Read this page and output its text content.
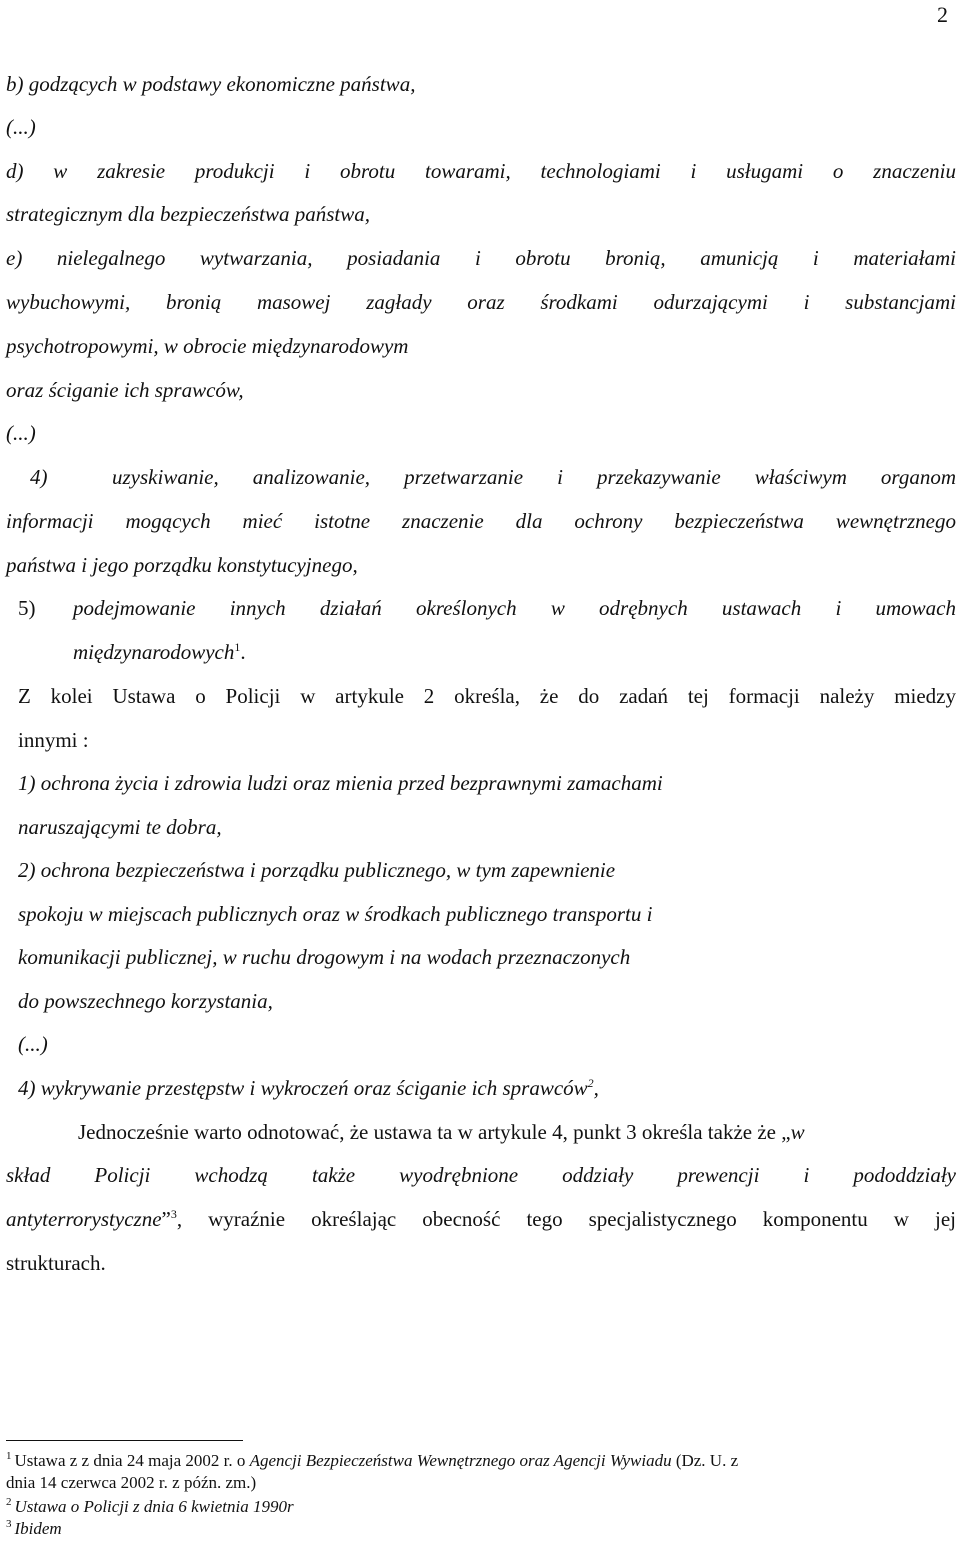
2
b) godzących w podstawy ekonomiczne państwa,
(...)
d) w zakresie produkcji i obrotu towarami, technologiami i usługami o znaczeniu
strategicznym dla bezpieczeństwa państwa,
e) nielegalnego wytwarzania, posiadania i obrotu bronią, amunicją i materiałami
wybuchowymi, bronią masowej zagłady oraz środkami odurzającymi i substancjami
psychotropowymi, w obrocie międzynarodowym
oraz ściganie ich sprawców,
(...)
4)	uzyskiwanie, analizowanie, przetwarzanie i przekazywanie właściwym organom
informacji mogących mieć istotne znaczenie dla ochrony bezpieczeństwa wewnętrznego
państwa i jego porządku konstytucyjnego,
5)	podejmowanie innych działań określonych w odrębnych ustawach i umowach
międzynarodowych$^1$.
Z kolei Ustawa o Policji w artykule 2 określa, że do zadań tej formacji należy miedzy
innymi :
1) ochrona życia i zdrowia ludzi oraz mienia przed bezprawnymi zamachami
naruszającymi te dobra,
2) ochrona bezpieczeństwa i porządku publicznego, w tym zapewnienie
spokoju w miejscach publicznych oraz w środkach publicznego transportu i
komunikacji publicznej, w ruchu drogowym i na wodach przeznaczonych
do powszechnego korzystania,
(...)
4) wykrywanie przestępstw i wykroczeń oraz ściganie ich sprawców$^2$,
Jednocześnie warto odnotować, że ustawa ta w artykule 4, punkt 3 określa także że „w
skład Policji wchodzą także wyodrębnione oddziały prewencji i pododdziały
antyterrorystyczne”$^3$, wyraźnie określając obecność tego specjalistycznego komponentu w jej
strukturach.
$^1$ Ustawa z z dnia 24 maja 2002 r. o Agencji Bezpieczeństwa Wewnętrznego oraz Agencji Wywiadu (Dz. U. z
dnia 14 czerwca 2002 r. z późn. zm.)
$^2$ Ustawa o Policji z dnia 6 kwietnia 1990r
$^3$ Ibidem
